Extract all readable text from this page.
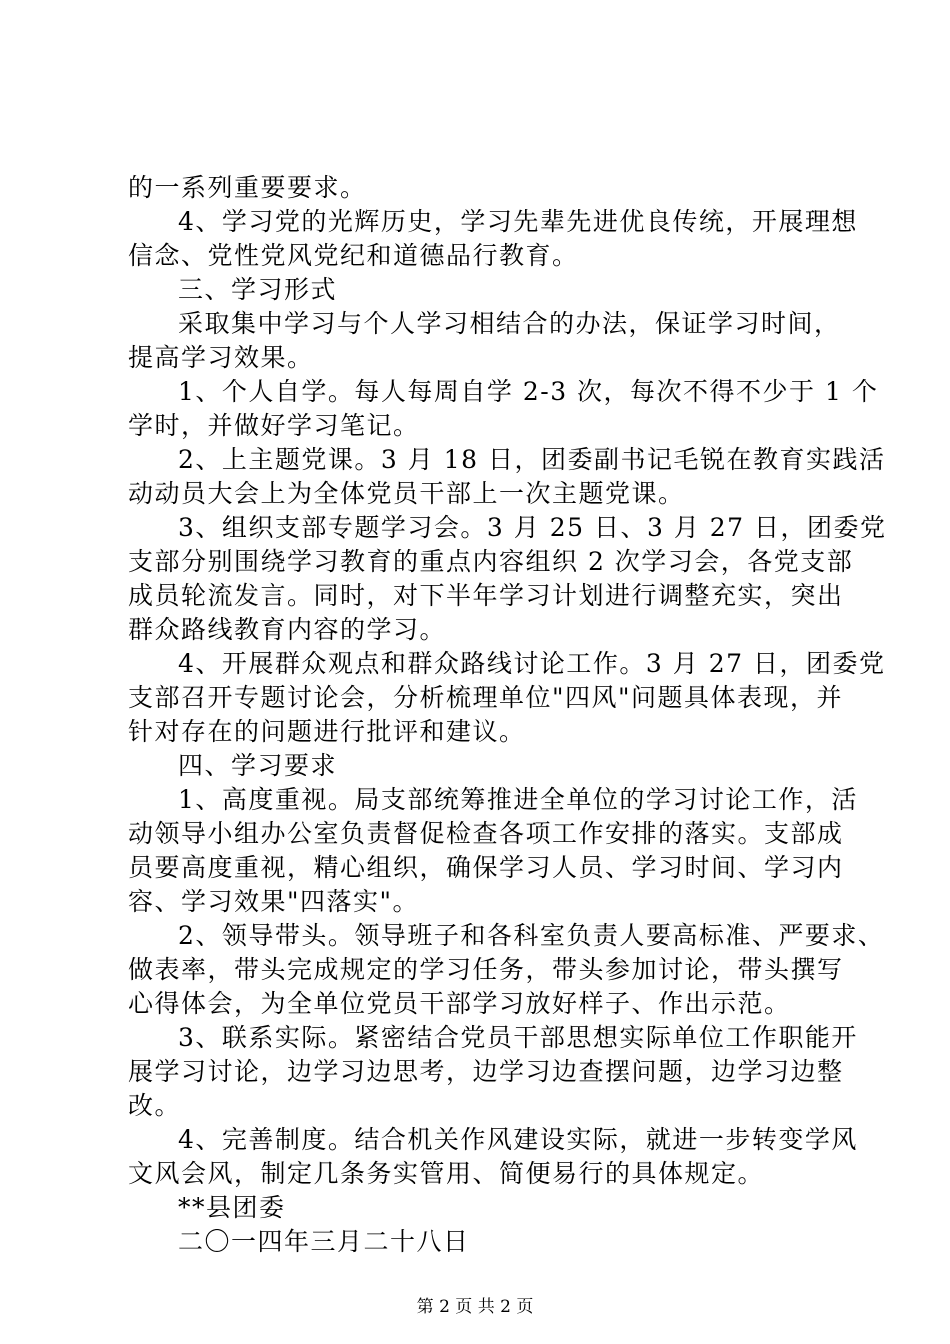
的一系列重要要求。
4、学习党的光辉历史，学习先辈先进优良传统，开展理想
信念、党性党风党纪和道德品行教育。
三、学习形式
采取集中学习与个人学习相结合的办法，保证学习时间，
提高学习效果。
1、个人自学。每人每周自学 2-3 次，每次不得不少于 1 个
学时，并做好学习笔记。
2、上主题党课。3 月 18 日，团委副书记毛锐在教育实践活
动动员大会上为全体党员干部上一次主题党课。
3、组织支部专题学习会。3 月 25 日、3 月 27 日，团委党
支部分别围绕学习教育的重点内容组织 2 次学习会，各党支部
成员轮流发言。同时，对下半年学习计划进行调整充实，突出
群众路线教育内容的学习。
4、开展群众观点和群众路线讨论工作。3 月 27 日，团委党
支部召开专题讨论会，分析梳理单位"四风"问题具体表现，并
针对存在的问题进行批评和建议。
四、学习要求
1、高度重视。局支部统筹推进全单位的学习讨论工作，活
动领导小组办公室负责督促检查各项工作安排的落实。支部成
员要高度重视，精心组织，确保学习人员、学习时间、学习内
容、学习效果"四落实"。
2、领导带头。领导班子和各科室负责人要高标准、严要求、
做表率，带头完成规定的学习任务，带头参加讨论，带头撰写
心得体会，为全单位党员干部学习放好样子、作出示范。
3、联系实际。紧密结合党员干部思想实际单位工作职能开
展学习讨论，边学习边思考，边学习边查摆问题，边学习边整
改。
4、完善制度。结合机关作风建设实际，就进一步转变学风
文风会风，制定几条务实管用、简便易行的具体规定。
**县团委
二〇一四年三月二十八日
第 2 页 共 2 页
